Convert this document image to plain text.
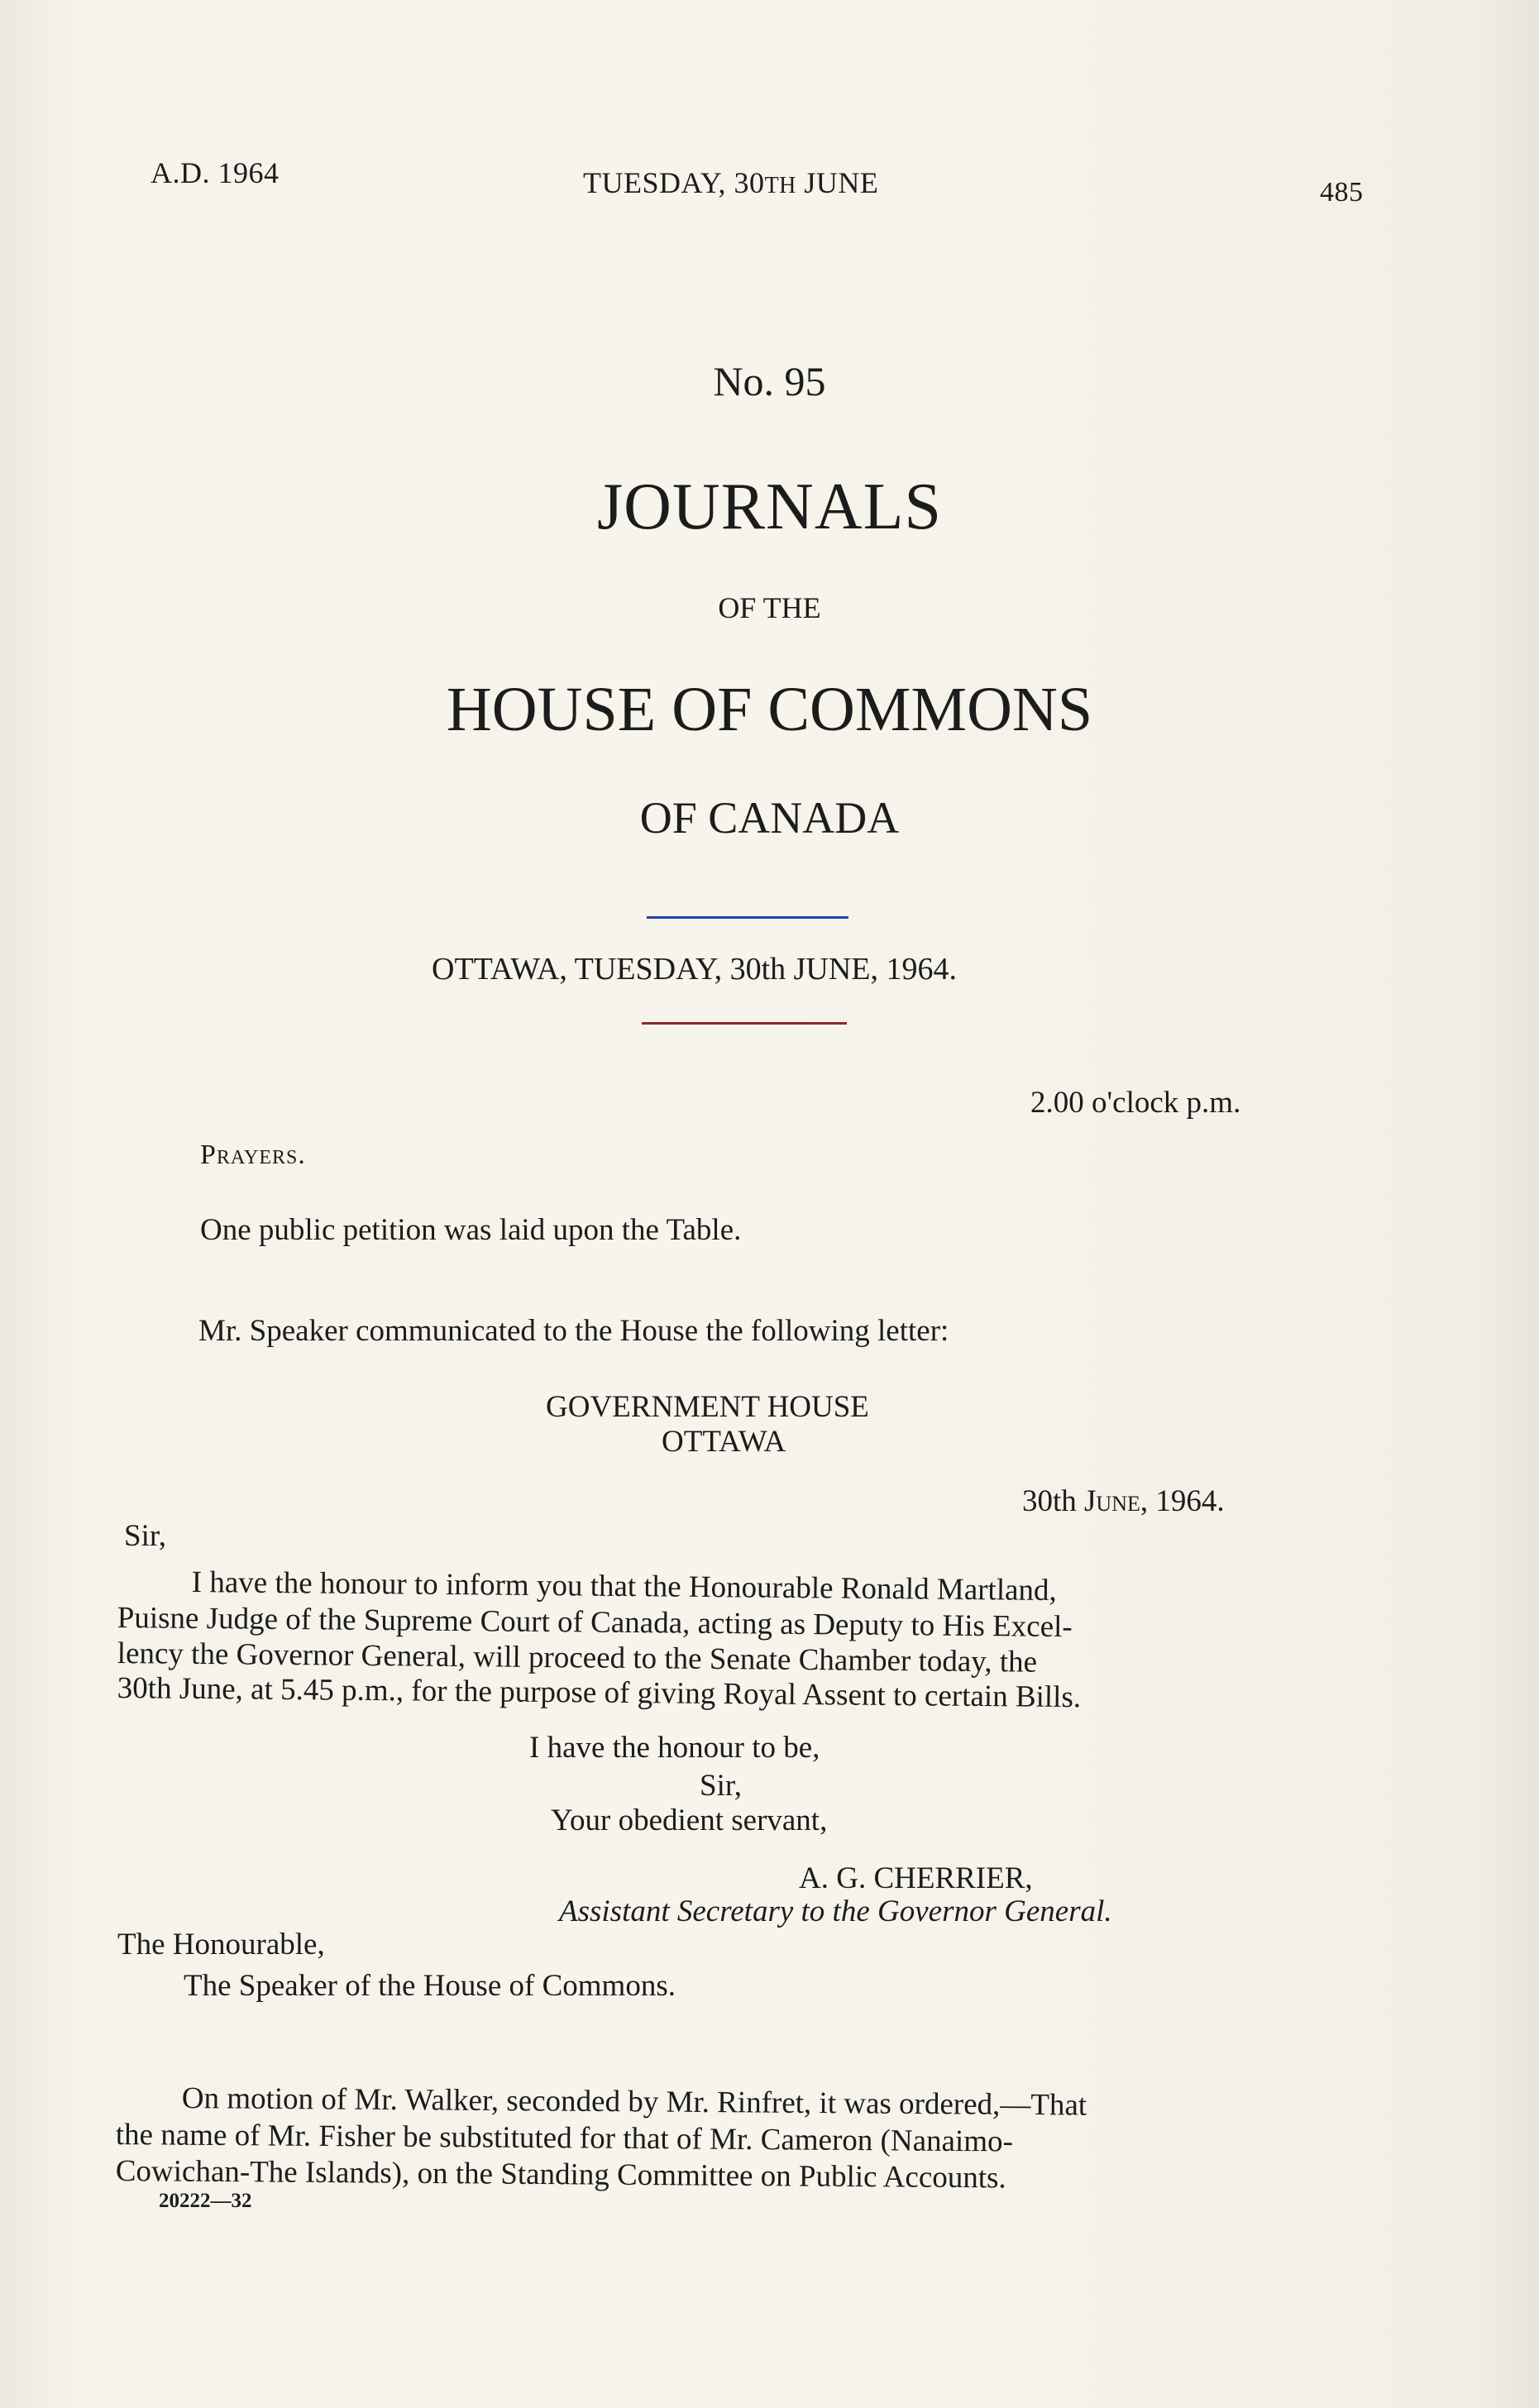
A.D. 1964	TUESDAY, 30TH JUNE	485
No. 95
JOURNALS
OF THE
HOUSE OF COMMONS
OF CANADA
OTTAWA, TUESDAY, 30th JUNE, 1964.
2.00 o'clock p.m.
Prayers.
One public petition was laid upon the Table.
Mr. Speaker communicated to the House the following letter:
GOVERNMENT HOUSE
OTTAWA
30th June, 1964.
Sir,
I have the honour to inform you that the Honourable Ronald Martland,
Puisne Judge of the Supreme Court of Canada, acting as Deputy to His Excel-
lency the Governor General, will proceed to the Senate Chamber today, the
30th June, at 5.45 p.m., for the purpose of giving Royal Assent to certain Bills.
I have the honour to be,
Sir,
Your obedient servant,
A. G. CHERRIER,
Assistant Secretary to the Governor General.
The Honourable,
The Speaker of the House of Commons.
On motion of Mr. Walker, seconded by Mr. Rinfret, it was ordered,—That
the name of Mr. Fisher be substituted for that of Mr. Cameron (Nanaimo-
Cowichan-The Islands), on the Standing Committee on Public Accounts.
20222—32
